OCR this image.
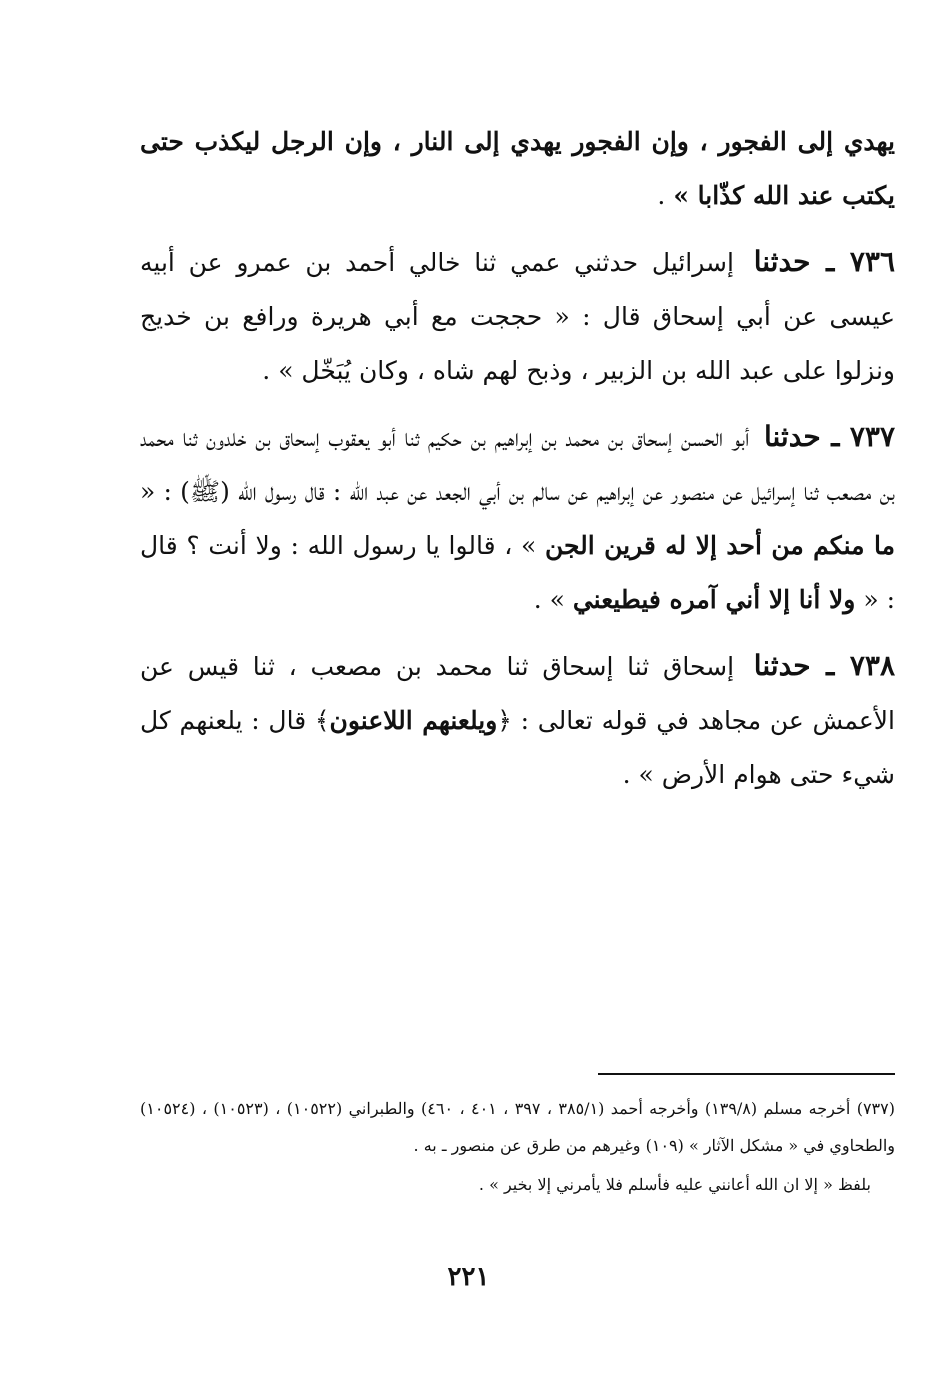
يهدي إلى الفجور ، وإن الفجور يهدي إلى النار ، وإن الرجل ليكذب حتى يكتب عند الله كذّابا » .

٧٣٦ ـ حدثنا إسرائيل حدثني عمي ثنا خالي أحمد بن عمرو عن أبيه عيسى عن أبي إسحاق قال : « حججت مع أبي هريرة ورافع بن خديج ونزلوا على عبد الله بن الزبير ، وذبح لهم شاه ، وكان يُبَخّل » .

٧٣٧ ـ حدثنا أبو الحسن إسحاق بن محمد بن إبراهيم بن حكيم ثنا أبو يعقوب إسحاق بن خلدون ثنا محمد بن مصعب ثنا إسرائيل عن منصور عن إبراهيم عن سالم بن أبي الجعد عن عبد الله : قال رسول الله (ﷺ) : « ما منكم من أحد إلا له قرين الجن » ، قالوا يا رسول الله : ولا أنت ؟ قال : « ولا أنا إلا أني آمره فيطيعني » .

٧٣٨ ـ حدثنا إسحاق ثنا إسحاق ثنا محمد بن مصعب ، ثنا قيس عن الأعمش عن مجاهد في قوله تعالى : ﴿ويلعنهم اللاعنون﴾ قال : يلعنهم كل شيء حتى هوام الأرض » .

(٧٣٧) أخرجه مسلم (١٣٩/٨) وأخرجه أحمد (٣٨٥/١ ، ٣٩٧ ، ٤٠١ ، ٤٦٠) والطبراني (١٠٥٢٢) ، (١٠٥٢٣) ، (١٠٥٢٤) والطحاوي في « مشكل الآثار » (١٠٩) وغيرهم من طرق عن منصور ـ به .

بلفظ « إلا ان الله أعانني عليه فأسلم فلا يأمرني إلا بخير » .

٢٢١
